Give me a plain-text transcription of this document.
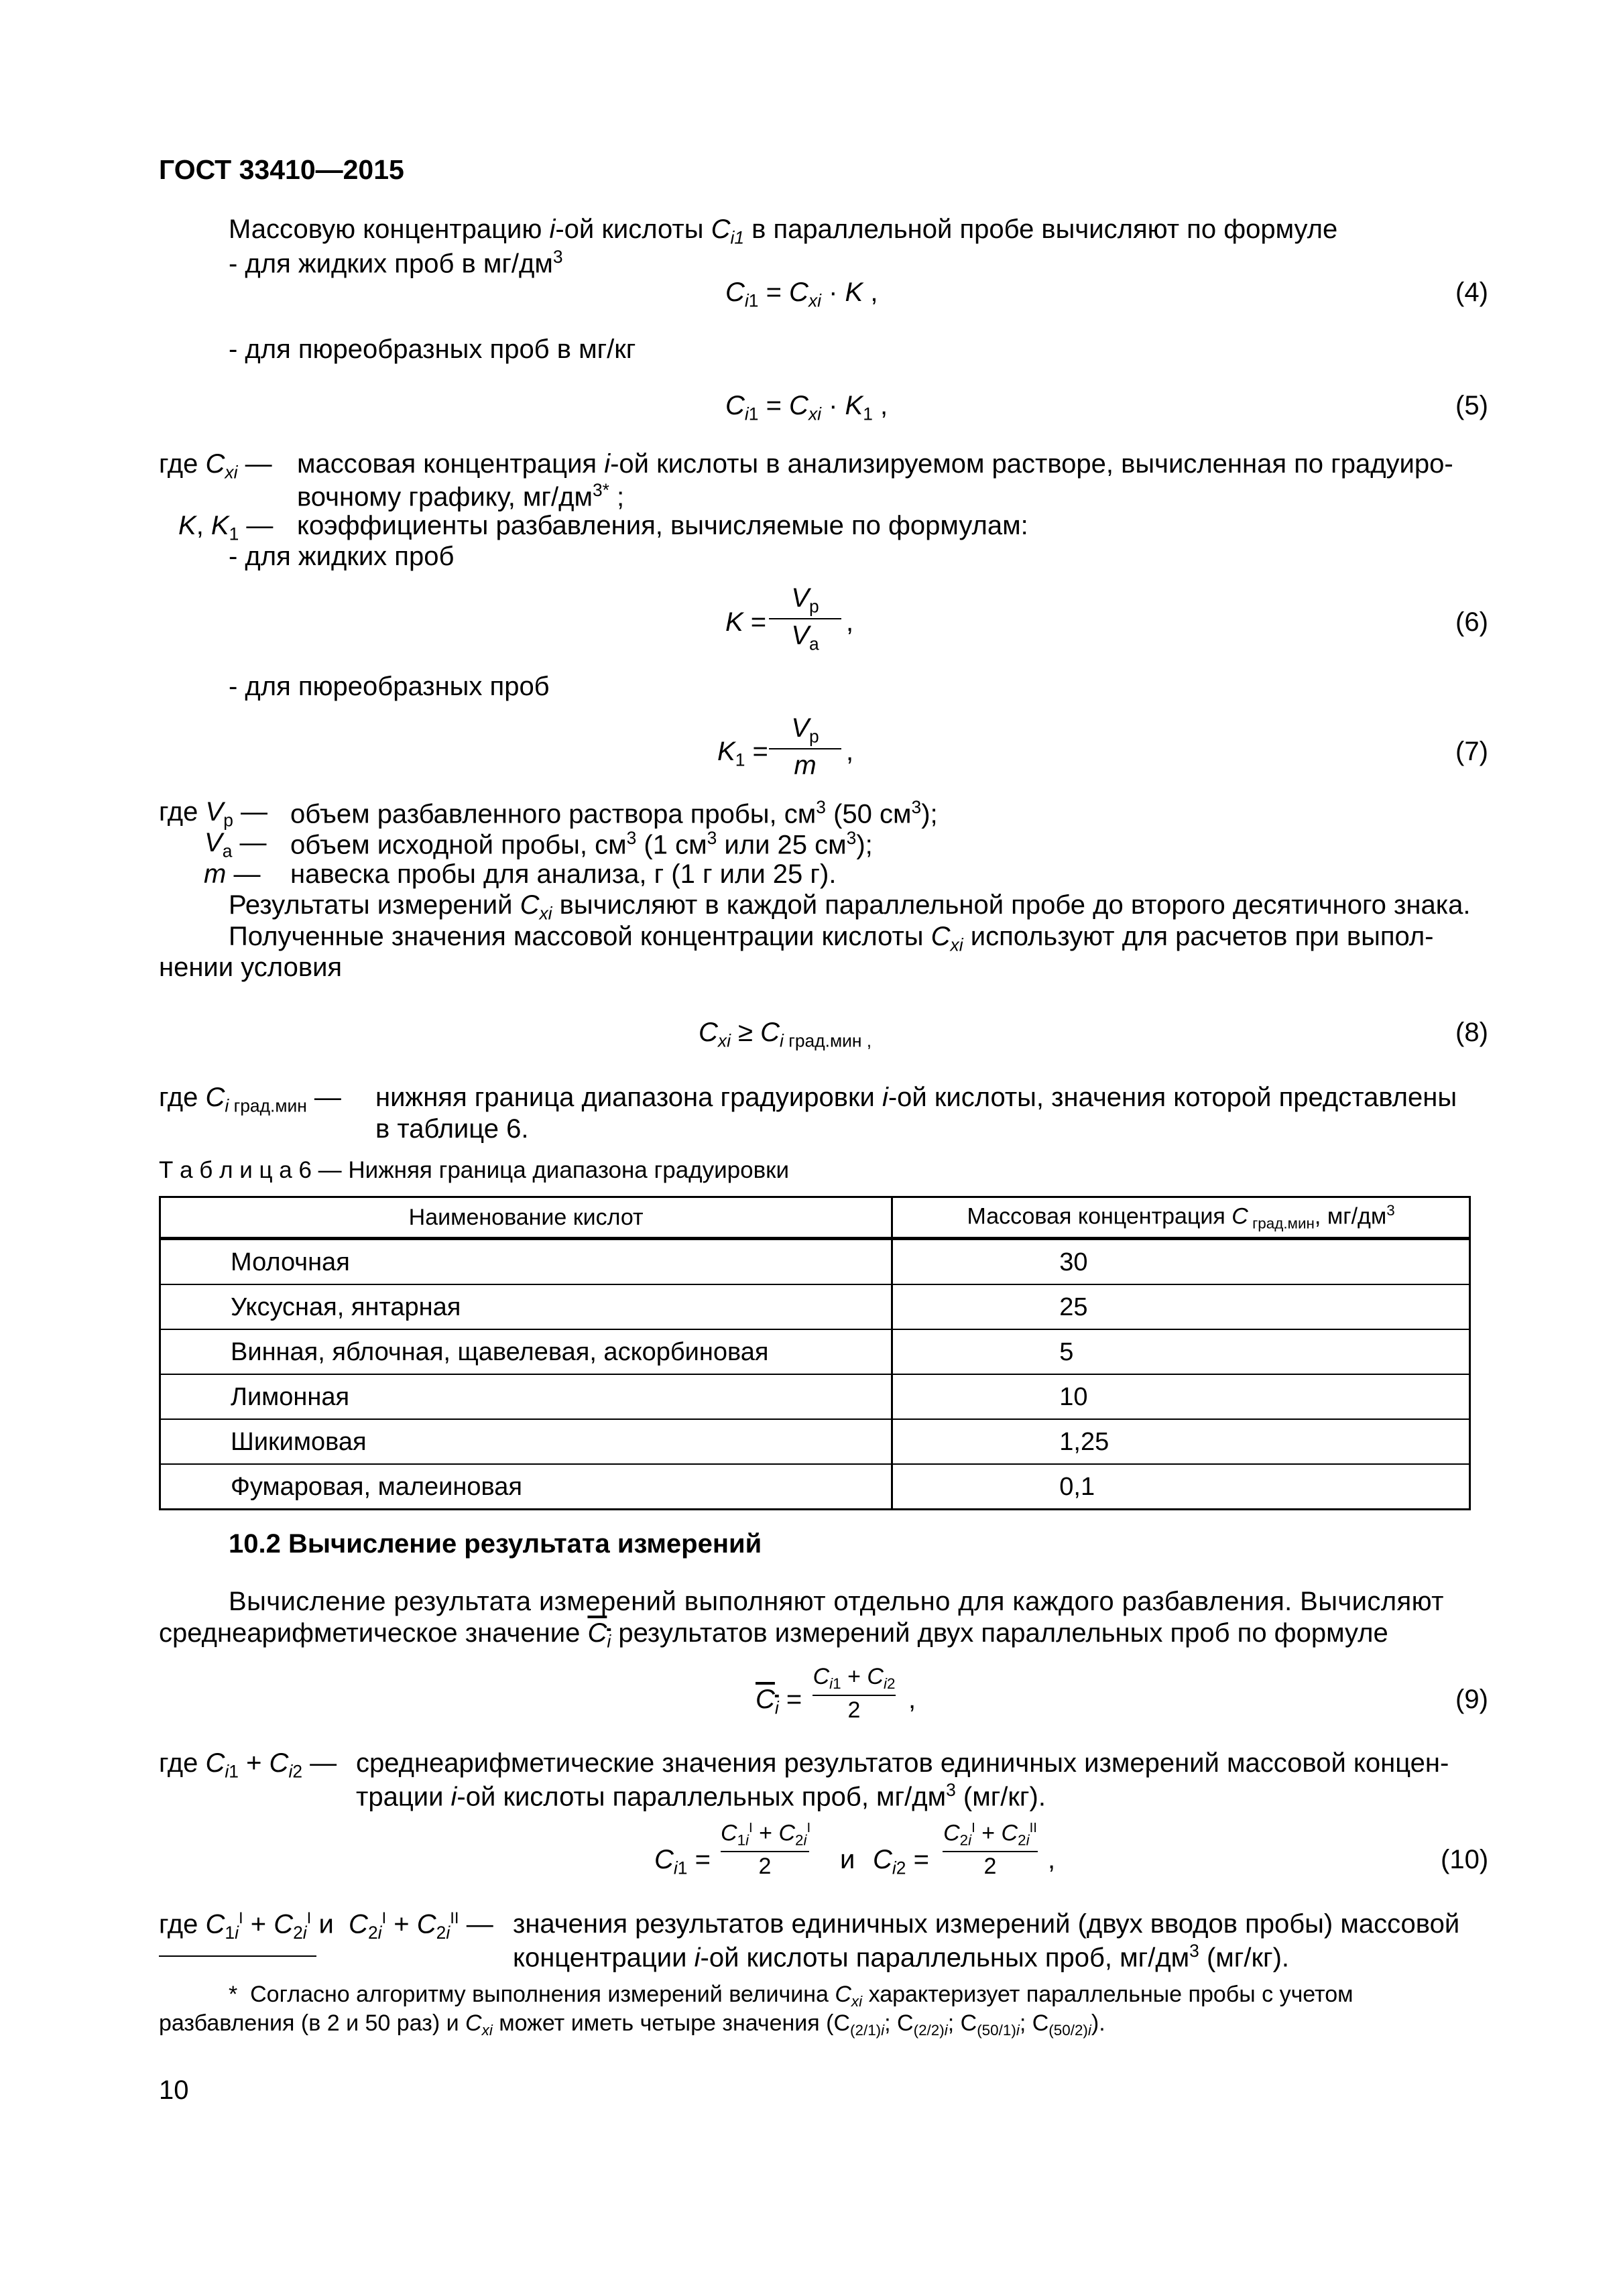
ГОСТ 33410—2015
Массовую концентрацию i-ой кислоты $C_{i1}$ в параллельной пробе вычисляют по формуле
- для жидких проб в $мг/дм^3$
$C_{i1} = C_{xi} \cdot K$ ,	(4)
- для пюреобразных проб в мг/кг
$C_{i1} = C_{xi} \cdot K_1$ ,	(5)
где $C_{xi}$ — массовая концентрация i-ой кислоты в анализируемом растворе, вычисленная по градуиро-
вочному графику, $мг/дм^{3*}$ ;
K, $K_1$ — коэффициенты разбавления, вычисляемые по формулам:
- для жидких проб
K =
$V_р$
$V_а$
,	(6)
- для пюреобразных проб
$K_1$ =
$V_р$
m	,	(7)
где $V_р$ — объем разбавленного раствора пробы, $см^3$ (50 $см^3$);
$V_а$ — объем исходной пробы, $см^3$ (1 $см^3$ или 25 $см^3$);
m — навеска пробы для анализа, г (1 г или 25 г).
Результаты измерений $C_{xi}$ вычисляют в каждой параллельной пробе до второго десятичного знака.
Полученные значения массовой концентрации кислоты $C_{xi}$ используют для расчетов при выпол-
нении условия
$C_{xi} \ge C_i$ $_{град.мин ,}$	(8)
где $C_i$ $_{град.мин}$ — нижняя граница диапазона градуировки i-ой кислоты, значения которой представлены
в таблице 6.
Т а б л и ц а 6 — Нижняя граница диапазона градуировки
Наименование кислот	Массовая концентрация C $_{град.мин}$, $мг/дм^3$
Молочная	30
Уксусная, янтарная	25
Винная, яблочная, щавелевая, аскорбиновая	5
Лимонная	10
Шикимовая	1,25
Фумаровая, малеиновая	0,1
10.2 Вычисление результата измерений
Вычисление результата измерений выполняют отдельно для каждого разбавления. Вычисляют
среднеарифметическое значение $C_i$ результатов измерений двух параллельных проб по формуле
$C_i$ =
$C_{i1} + C_{i2}$
2	,	(9)
где $C_{i1} + C_{i2}$ — среднеарифметические значения результатов единичных измерений массовой концен-
трации i-ой кислоты параллельных проб, $мг/дм^3$ (мг/кг).
$C_{i1}$ =
$C_{1i}^I + C_{2i}^I$
2	и $C_{i2}$ =
$C_{2i}^I + C_{2i}^{II}$
2	,	(10)
где $C_{1i}^I + C_{2i}^I$ и $C_{2i}^I + C_{2i}^{II}$ — значения результатов единичных измерений (двух вводов пробы) массовой
концентрации i-ой кислоты параллельных проб, $мг/дм^3$ (мг/кг).
*  Согласно алгоритму выполнения измерений величина $C_{xi}$ характеризует параллельные пробы с учетом
разбавления (в 2 и 50 раз) и $C_{xi}$ может иметь четыре значения ($С_{(2/1)i}$; $С_{(2/2)i}$; $С_{(50/1)i}$; $С_{(50/2)i}$).
10
